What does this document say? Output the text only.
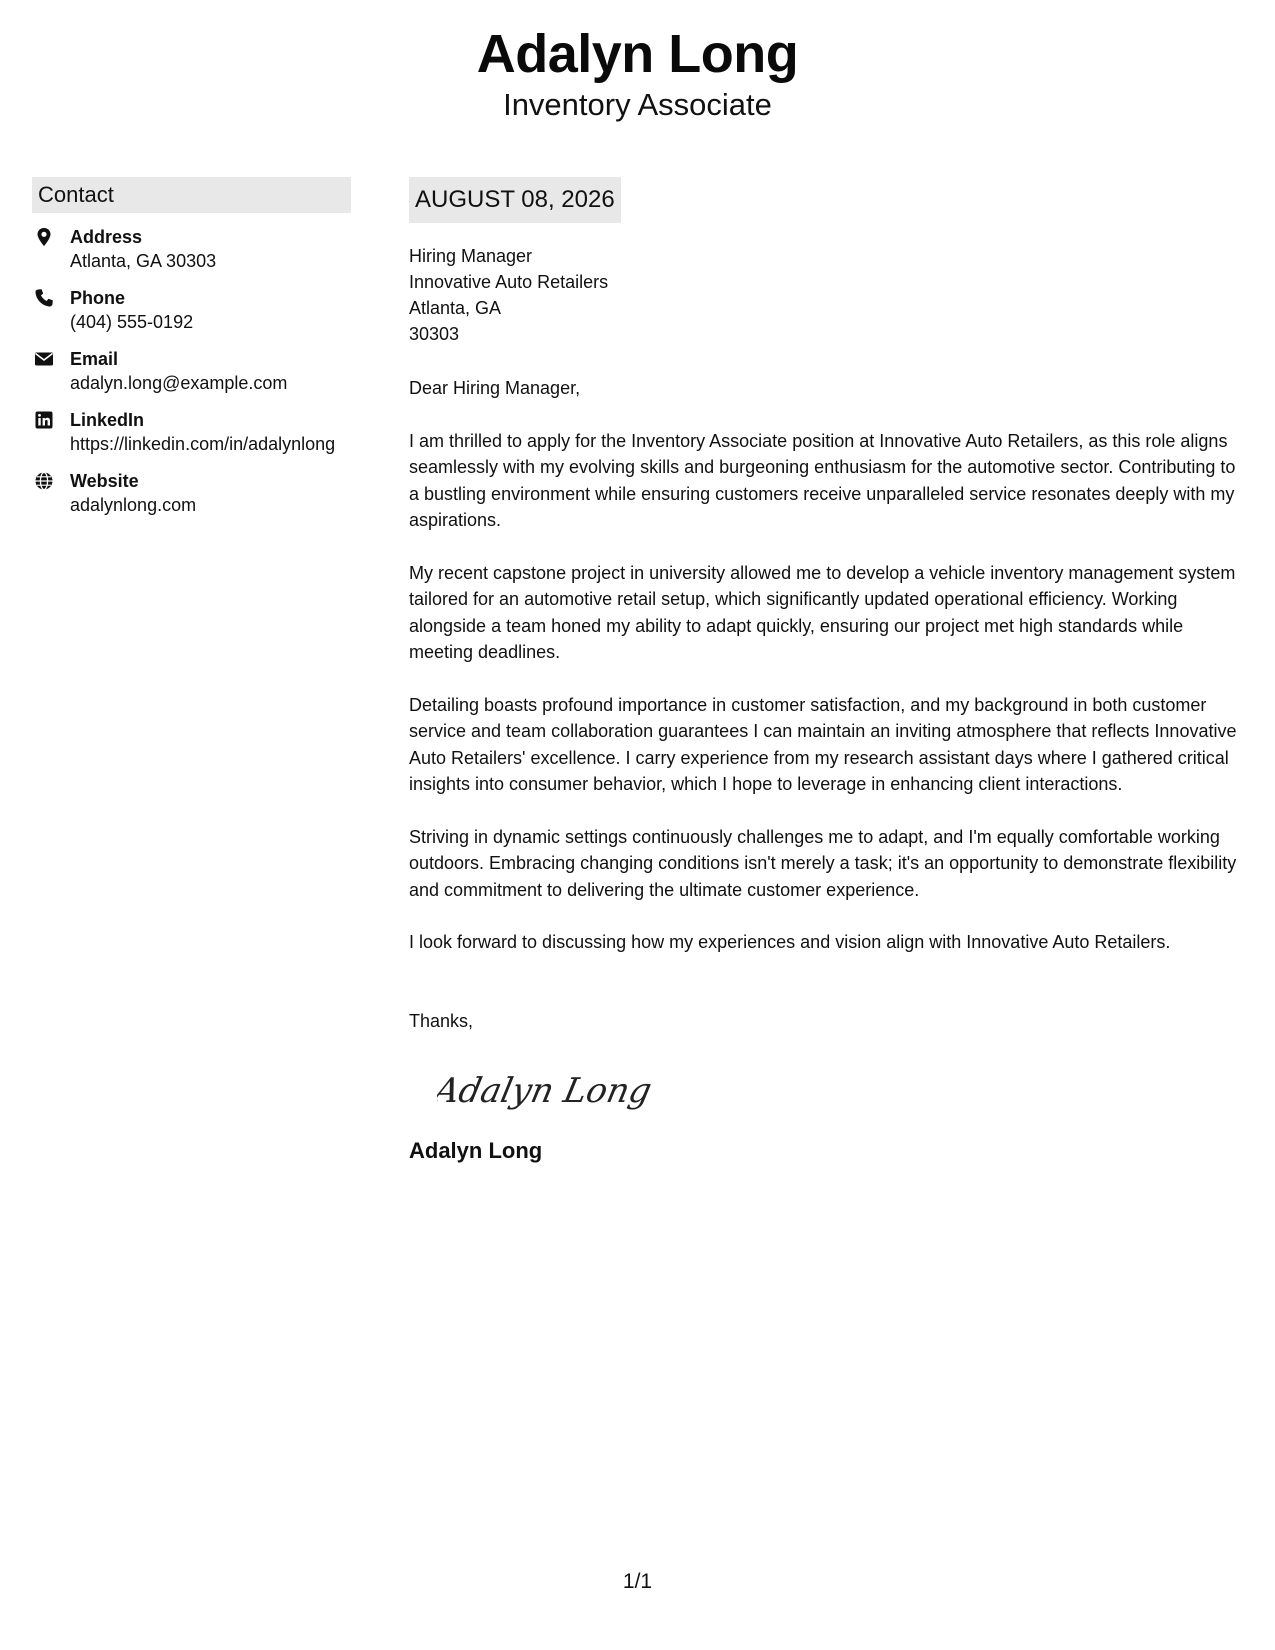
Adalyn Long
Inventory Associate
Contact
Address
Atlanta, GA 30303
Phone
(404) 555-0192
Email
adalyn.long@example.com
LinkedIn
https://linkedin.com/in/adalynlong
Website
adalynlong.com
AUGUST 08, 2026
Hiring Manager
Innovative Auto Retailers
Atlanta, GA
30303
Dear Hiring Manager,
I am thrilled to apply for the Inventory Associate position at Innovative Auto Retailers, as this role aligns seamlessly with my evolving skills and burgeoning enthusiasm for the automotive sector. Contributing to a bustling environment while ensuring customers receive unparalleled service resonates deeply with my aspirations.
My recent capstone project in university allowed me to develop a vehicle inventory management system tailored for an automotive retail setup, which significantly updated operational efficiency. Working alongside a team honed my ability to adapt quickly, ensuring our project met high standards while meeting deadlines.
Detailing boasts profound importance in customer satisfaction, and my background in both customer service and team collaboration guarantees I can maintain an inviting atmosphere that reflects Innovative Auto Retailers' excellence. I carry experience from my research assistant days where I gathered critical insights into consumer behavior, which I hope to leverage in enhancing client interactions.
Striving in dynamic settings continuously challenges me to adapt, and I'm equally comfortable working outdoors. Embracing changing conditions isn't merely a task; it's an opportunity to demonstrate flexibility and commitment to delivering the ultimate customer experience.
I look forward to discussing how my experiences and vision align with Innovative Auto Retailers.
Thanks,
Adalyn Long
Adalyn Long
1/1
